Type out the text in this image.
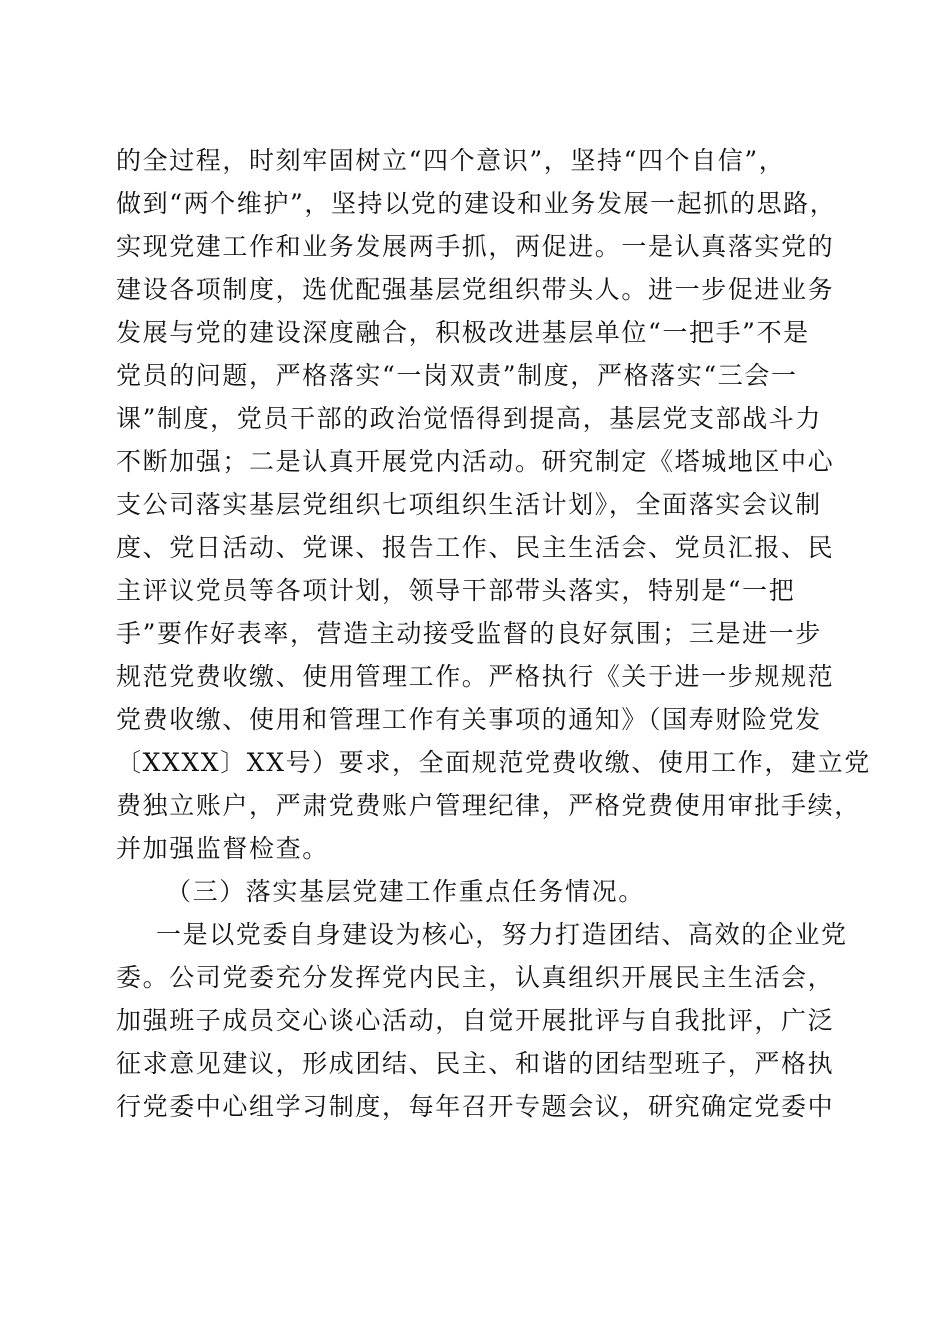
的全过程，时刻牢固树立“四个意识”，坚持“四个自信”，
做到“两个维护”，坚持以党的建设和业务发展一起抓的思路，
实现党建工作和业务发展两手抓，两促进。一是认真落实党的
建设各项制度，选优配强基层党组织带头人。进一步促进业务
发展与党的建设深度融合，积极改进基层单位“一把手”不是
党员的问题，严格落实“一岗双责”制度，严格落实“三会一
课”制度，党员干部的政治觉悟得到提高，基层党支部战斗力
不断加强；二是认真开展党内活动。研究制定《塔城地区中心
支公司落实基层党组织七项组织生活计划》，全面落实会议制
度、党日活动、党课、报告工作、民主生活会、党员汇报、民
主评议党员等各项计划，领导干部带头落实，特别是“一把
手”要作好表率，营造主动接受监督的良好氛围；三是进一步
规范党费收缴、使用管理工作。严格执行《关于进一步规规范
党费收缴、使用和管理工作有关事项的通知》（国寿财险党发
〔XXXX〕XX号）要求，全面规范党费收缴、使用工作，建立党
费独立账户，严肃党费账户管理纪律，严格党费使用审批手续，
并加强监督检查。
（三）落实基层党建工作重点任务情况。
一是以党委自身建设为核心，努力打造团结、高效的企业党
委。公司党委充分发挥党内民主，认真组织开展民主生活会，
加强班子成员交心谈心活动，自觉开展批评与自我批评，广泛
征求意见建议，形成团结、民主、和谐的团结型班子，严格执
行党委中心组学习制度，每年召开专题会议，研究确定党委中
